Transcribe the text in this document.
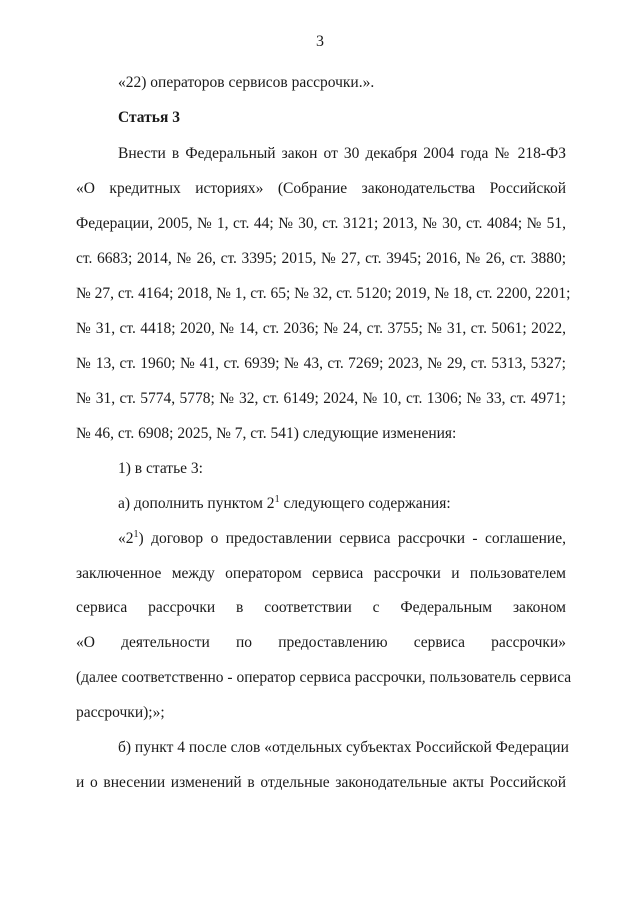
3
«22) операторов сервисов рассрочки.».
Статья 3
Внести в Федеральный закон от 30 декабря 2004 года № 218-ФЗ
«О кредитных историях» (Собрание законодательства Российской
Федерации, 2005, № 1, ст. 44; № 30, ст. 3121; 2013, № 30, ст. 4084; № 51,
ст. 6683; 2014, № 26, ст. 3395; 2015, № 27, ст. 3945; 2016, № 26, ст. 3880;
№ 27, ст. 4164; 2018, № 1, ст. 65; № 32, ст. 5120; 2019, № 18, ст. 2200, 2201;
№ 31, ст. 4418; 2020, № 14, ст. 2036; № 24, ст. 3755; № 31, ст. 5061; 2022,
№ 13, ст. 1960; № 41, ст. 6939; № 43, ст. 7269; 2023, № 29, ст. 5313, 5327;
№ 31, ст. 5774, 5778; № 32, ст. 6149; 2024, № 10, ст. 1306; № 33, ст. 4971;
№ 46, ст. 6908; 2025, № 7, ст. 541) следующие изменения:
1) в статье 3:
а) дополнить пунктом $2^1$ следующего содержания:
«$2^1$) договор о предоставлении сервиса рассрочки - соглашение,
заключенное между оператором сервиса рассрочки и пользователем
сервиса рассрочки в соответствии с Федеральным законом
«О деятельности по предоставлению сервиса рассрочки»
(далее соответственно - оператор сервиса рассрочки, пользователь сервиса
рассрочки);»;
б) пункт 4 после слов «отдельных субъектах Российской Федерации
и о внесении изменений в отдельные законодательные акты Российской
